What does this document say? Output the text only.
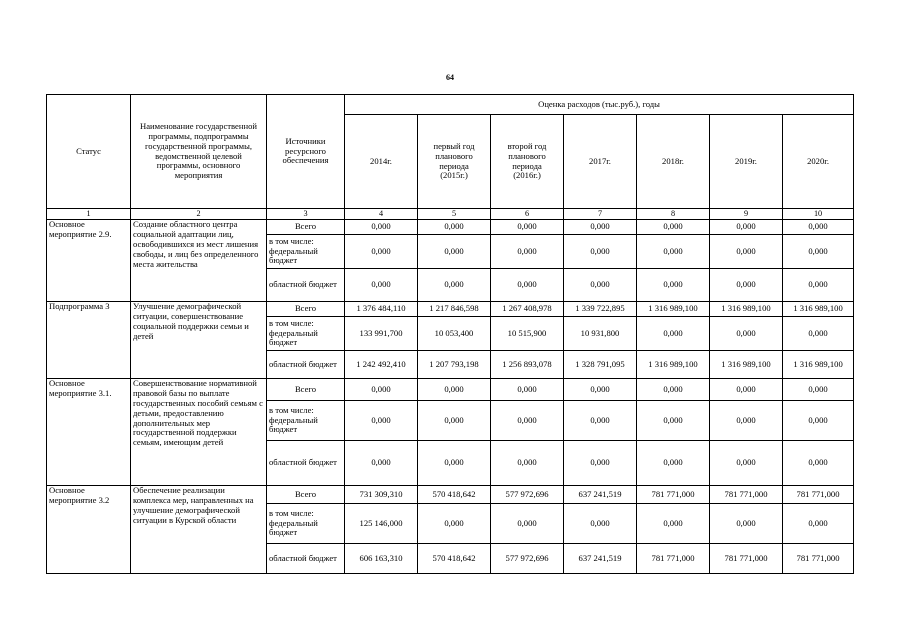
64
Статус	Наименование государственной программы, подпрограммы государственной программы, ведомственной целевой программы, основного мероприятия	Источники ресурсного обеспечения	Оценка расходов (тыс.руб.), годы						
			2014г.	первый год планового периода (2015г.)	второй год планового периода (2016г.)	2017г.	2018г.	2019г.	2020г.
1	2	3	4	5	6	7	8	9	10
Основное мероприятие 2.9.	Создание областного центра социальной адаптации лиц, освободившихся из мест лишения свободы, и лиц без определенного места жительства	Всего	0,000	0,000	0,000	0,000	0,000	0,000	0,000
		в том числе: федеральный бюджет	0,000	0,000	0,000	0,000	0,000	0,000	0,000
		областной бюджет	0,000	0,000	0,000	0,000	0,000	0,000	0,000
Подпрограмма 3	Улучшение демографической ситуации, совершенствование социальной поддержки семьи и детей	Всего	1 376 484,110	1 217 846,598	1 267 408,978	1 339 722,895	1 316 989,100	1 316 989,100	1 316 989,100
		в том числе: федеральный бюджет	133 991,700	10 053,400	10 515,900	10 931,800	0,000	0,000	0,000
		областной бюджет	1 242 492,410	1 207 793,198	1 256 893,078	1 328 791,095	1 316 989,100	1 316 989,100	1 316 989,100
Основное мероприятие 3.1.	Совершенствование нормативной правовой базы по выплате государственных пособий семьям с детьми, предоставлению дополнительных мер государственной поддержки семьям, имеющим детей	Всего	0,000	0,000	0,000	0,000	0,000	0,000	0,000
		в том числе: федеральный бюджет	0,000	0,000	0,000	0,000	0,000	0,000	0,000
		областной бюджет	0,000	0,000	0,000	0,000	0,000	0,000	0,000
Основное мероприятие 3.2	Обеспечение реализации комплекса мер, направленных на улучшение демографической ситуации в Курской области	Всего	731 309,310	570 418,642	577 972,696	637 241,519	781 771,000	781 771,000	781 771,000
		в том числе: федеральный бюджет	125 146,000	0,000	0,000	0,000	0,000	0,000	0,000
		областной бюджет	606 163,310	570 418,642	577 972,696	637 241,519	781 771,000	781 771,000	781 771,000
